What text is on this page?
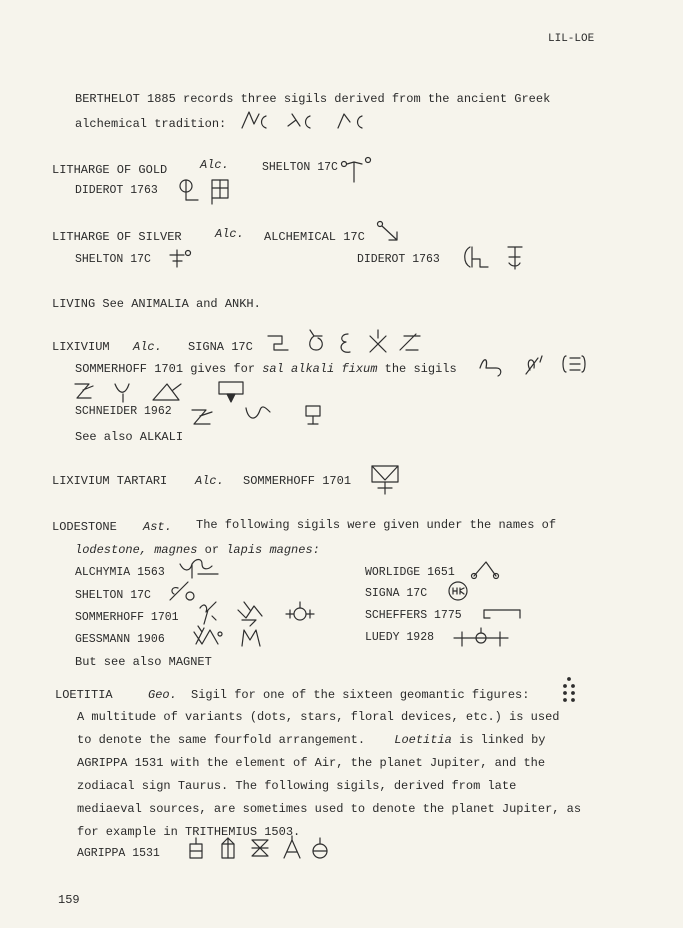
LIL-LOE
BERTHELOT 1885 records three sigils derived from the ancient Greek
alchemical tradition:
LITHARGE OF GOLD	Alc.	SHELTON 17C
DIDEROT 1763
LITHARGE OF SILVER	Alc. ALCHEMICAL 17C
SHELTON 17C	DIDEROT 1763
LIVING See ANIMALIA and ANKH.
LIXIVIUM Alc. SIGNA 17C
SOMMERHOFF 1701 gives for sal alkali fixum the sigils
SCHNEIDER 1962
See also ALKALI
LIXIVIUM TARTARI Alc. SOMMERHOFF 1701
LODESTONE Ast. The following sigils were given under the names of
lodestone, magnes or lapis magnes:
ALCHYMIA 1563
SHELTON 17C
SOMMERHOFF 1701
GESSMANN 1906
WORLIDGE 1651
SIGNA 17C
SCHEFFERS 1775
LUEDY 1928
But see also MAGNET
LOETITIA	Geo. Sigil for one of the sixteen geomantic figures:
A multitude of variants (dots, stars, floral devices, etc.) is used
to denote the same fourfold arrangement. Loetitia is linked by
AGRIPPA 1531 with the element of Air, the planet Jupiter, and the
zodiacal sign Taurus. The following sigils, derived from late
mediaeval sources, are sometimes used to denote the planet Jupiter, as
for example in TRITHEMIUS 1503.
AGRIPPA 1531
159
